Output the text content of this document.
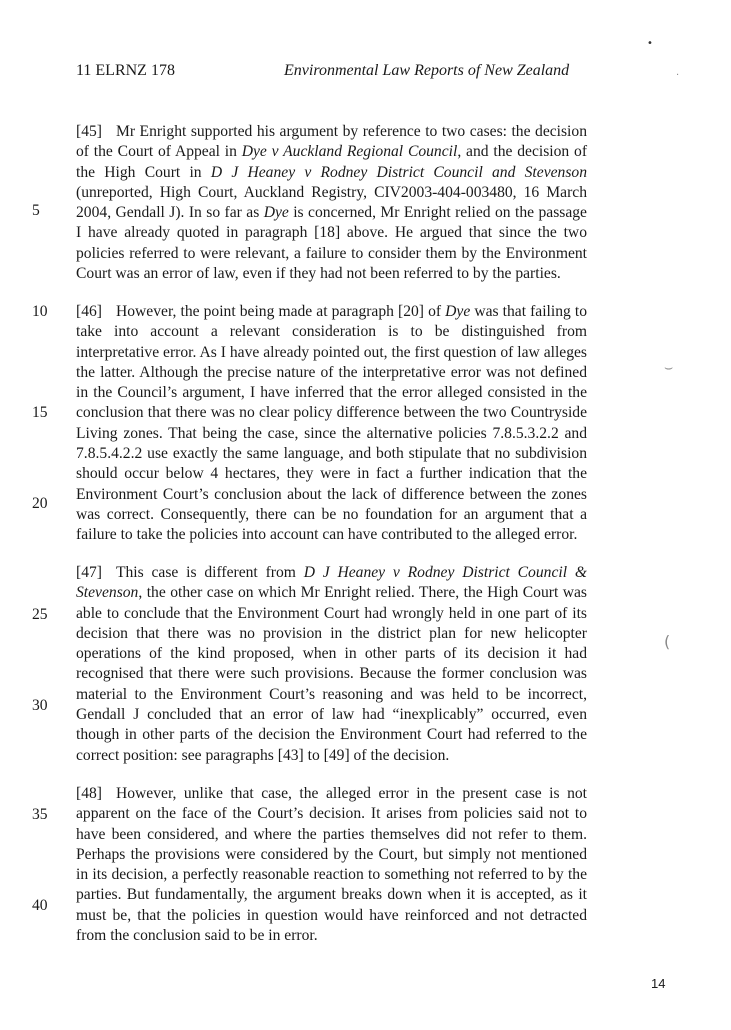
11 ELRNZ 178	Environmental Law Reports of New Zealand
5
10
15
20
25
30
35
40
[45] Mr Enright supported his argument by reference to two cases: the decision of the Court of Appeal in Dye v Auckland Regional Council, and the decision of the High Court in D J Heaney v Rodney District Council and Stevenson (unreported, High Court, Auckland Registry, CIV2003-404-003480, 16 March 2004, Gendall J). In so far as Dye is concerned, Mr Enright relied on the passage I have already quoted in paragraph [18] above. He argued that since the two policies referred to were relevant, a failure to consider them by the Environment Court was an error of law, even if they had not been referred to by the parties.
[46] However, the point being made at paragraph [20] of Dye was that failing to take into account a relevant consideration is to be distinguished from interpretative error. As I have already pointed out, the first question of law alleges the latter. Although the precise nature of the interpretative error was not defined in the Council’s argument, I have inferred that the error alleged consisted in the conclusion that there was no clear policy difference between the two Countryside Living zones. That being the case, since the alternative policies 7.8.5.3.2.2 and 7.8.5.4.2.2 use exactly the same language, and both stipulate that no subdivision should occur below 4 hectares, they were in fact a further indication that the Environment Court’s conclusion about the lack of difference between the zones was correct. Consequently, there can be no foundation for an argument that a failure to take the policies into account can have contributed to the alleged error.
[47] This case is different from D J Heaney v Rodney District Council & Stevenson, the other case on which Mr Enright relied. There, the High Court was able to conclude that the Environment Court had wrongly held in one part of its decision that there was no provision in the district plan for new helicopter operations of the kind proposed, when in other parts of its decision it had recognised that there were such provisions. Because the former conclusion was material to the Environment Court’s reasoning and was held to be incorrect, Gendall J concluded that an error of law had “inexplicably” occurred, even though in other parts of the decision the Environment Court had referred to the correct position: see paragraphs [43] to [49] of the decision.
[48] However, unlike that case, the alleged error in the present case is not apparent on the face of the Court’s decision. It arises from policies said not to have been considered, and where the parties themselves did not refer to them. Perhaps the provisions were considered by the Court, but simply not mentioned in its decision, a perfectly reasonable reaction to something not referred to by the parties. But fundamentally, the argument breaks down when it is accepted, as it must be, that the policies in question would have reinforced and not detracted from the conclusion said to be in error.
14
•
·
⌣
(
